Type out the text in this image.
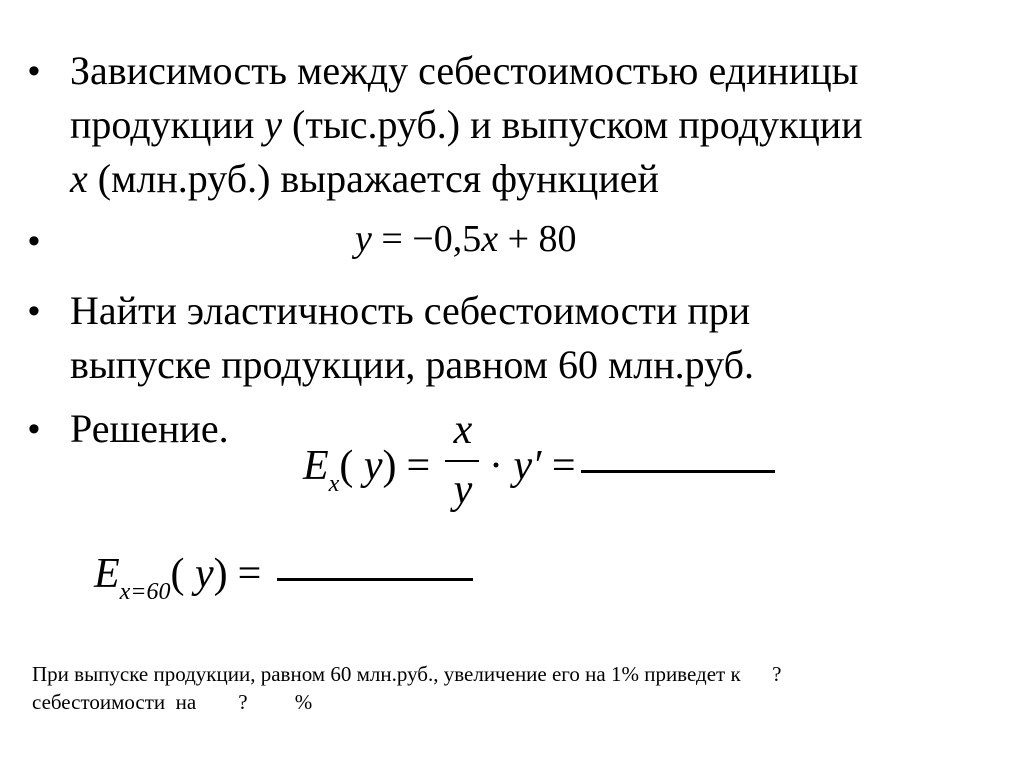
• Зависимость между себестоимостью единицы
продукции y (тыс.руб.) и выпуском продукции
x (млн.руб.) выражается функцией
•	y = −0,5x + 80
• Найти эластичность себестоимости при
выпуске продукции, равном 60 млн.руб.
• Решение.
$E_x$( y) =
x
y
· y′ =
$E_{x=60}$( y) =
При выпуске продукции, равном 60 млн.руб., увеличение его на 1% приведет к      ?
себестоимости  на        ?         %
